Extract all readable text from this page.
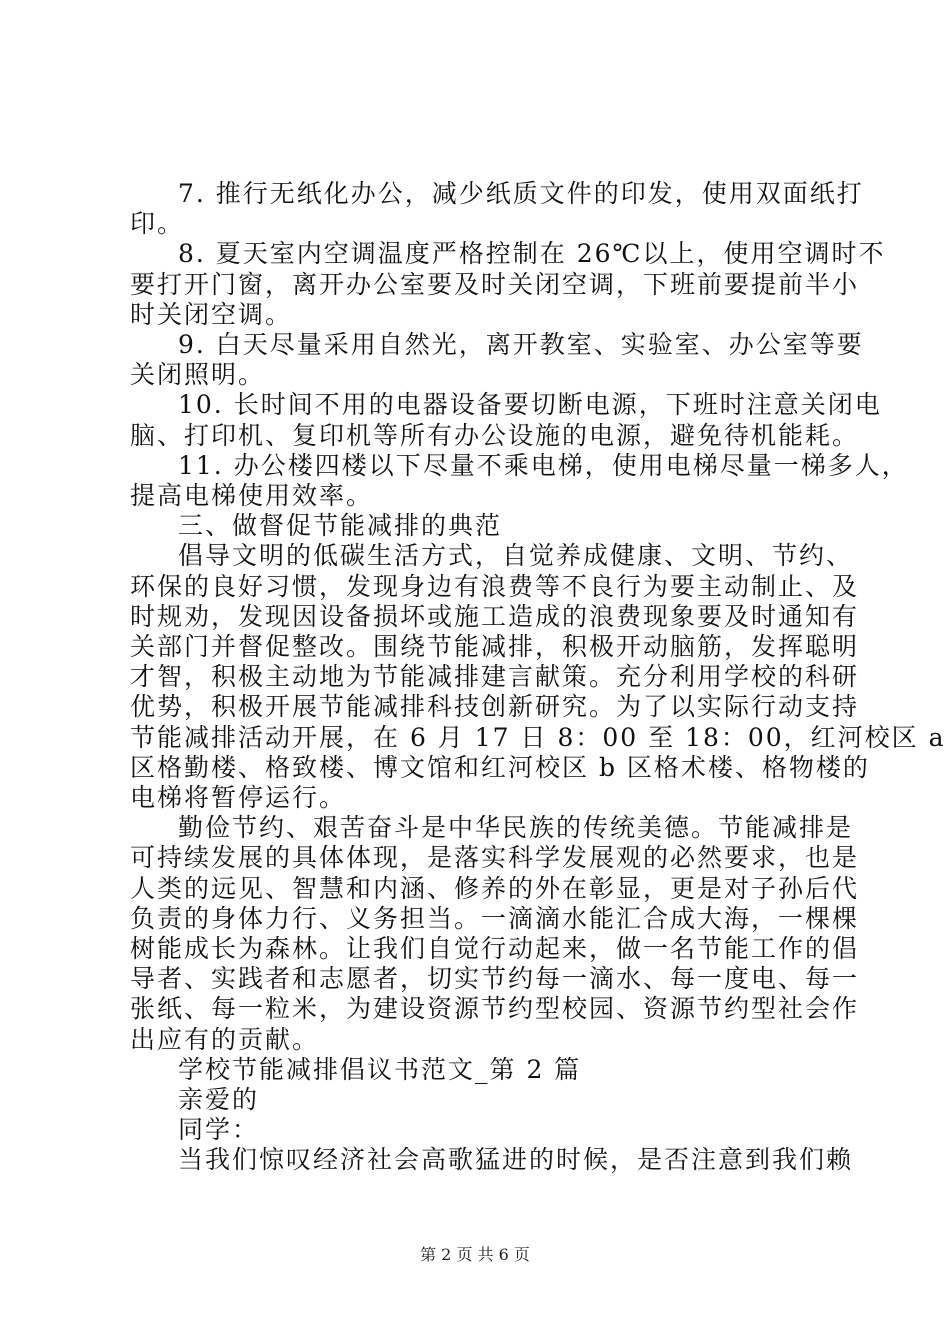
7. 推行无纸化办公，减少纸质文件的印发，使用双面纸打
印。
8. 夏天室内空调温度严格控制在 26℃以上，使用空调时不
要打开门窗，离开办公室要及时关闭空调，下班前要提前半小
时关闭空调。
9. 白天尽量采用自然光，离开教室、实验室、办公室等要
关闭照明。
10. 长时间不用的电器设备要切断电源，下班时注意关闭电
脑、打印机、复印机等所有办公设施的电源，避免待机能耗。
11. 办公楼四楼以下尽量不乘电梯，使用电梯尽量一梯多人，
提高电梯使用效率。
三、做督促节能减排的典范
倡导文明的低碳生活方式，自觉养成健康、文明、节约、
环保的良好习惯，发现身边有浪费等不良行为要主动制止、及
时规劝，发现因设备损坏或施工造成的浪费现象要及时通知有
关部门并督促整改。围绕节能减排，积极开动脑筋，发挥聪明
才智，积极主动地为节能减排建言献策。充分利用学校的科研
优势，积极开展节能减排科技创新研究。为了以实际行动支持
节能减排活动开展，在 6 月 17 日 8：00 至 18：00，红河校区 a
区格勤楼、格致楼、博文馆和红河校区 b 区格术楼、格物楼的
电梯将暂停运行。
勤俭节约、艰苦奋斗是中华民族的传统美德。节能减排是
可持续发展的具体体现，是落实科学发展观的必然要求，也是
人类的远见、智慧和内涵、修养的外在彰显，更是对子孙后代
负责的身体力行、义务担当。一滴滴水能汇合成大海，一棵棵
树能成长为森林。让我们自觉行动起来，做一名节能工作的倡
导者、实践者和志愿者，切实节约每一滴水、每一度电、每一
张纸、每一粒米，为建设资源节约型校园、资源节约型社会作
出应有的贡献。
学校节能减排倡议书范文_第 2 篇
亲爱的
同学：
当我们惊叹经济社会高歌猛进的时候，是否注意到我们赖
第 2 页 共 6 页
